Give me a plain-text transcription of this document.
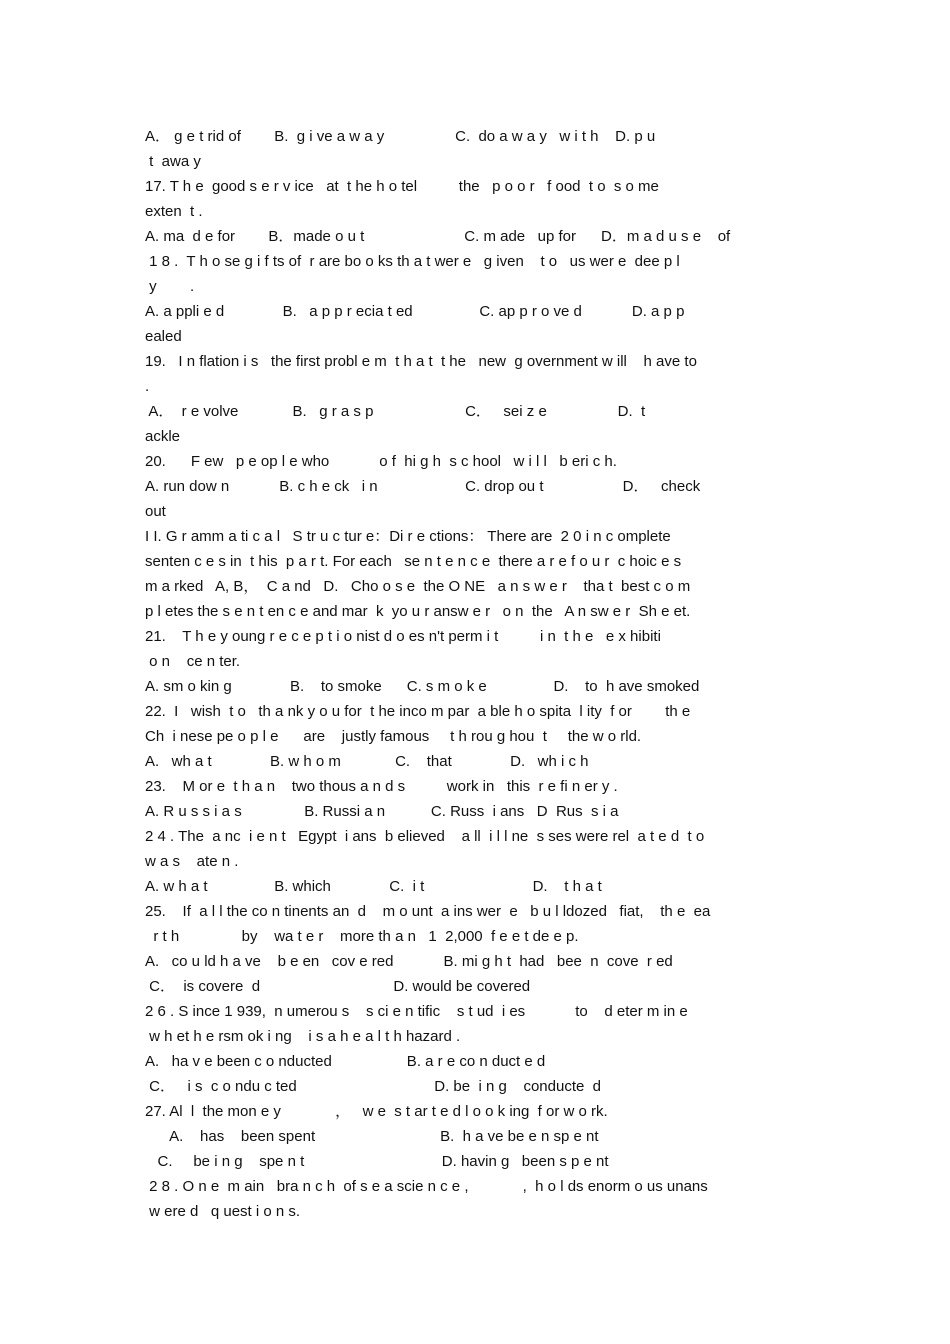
A． g e t rid of        B.  g i ve a w a y                 C.  do a w a y   w i t h    D. p u
t  awa y
17. T h e  good s e r v ice   at  t he h o tel          the   p o o r   f ood  t o  s o me
exten  t .
A. ma  d e for        B．made o u t                        C. m ade   up for      D．m a d u s e    of
1 8 .  T h o se g i f ts of  r are bo o ks th a t wer e   g iven    t o   us wer e  dee p l
y        .
A. a ppli e d              B.   a p p r ecia t ed                C. ap p r o ve d            D. a p p
ealed
19.   I n flation i s   the first probl e m  t h a t  t he   new  g overnment w ill    h ave to
.
A．  r e volve             B.   g r a s p                      C．   sei z e                 D.  t
ackle
20.      F ew   p e op l e who            o f  hi g h  s c hool   w i l l   b eri c h.
A. run dow n            B. c h e ck   i n                     C. drop ou t                   D．   check
out
I I. G r amm a ti c a l   S tr u c tur e：Di r e ctions： There are  2 0 i n c omplete
senten c e s in  t his  p a r t. For each   se n t e n c e  there a r e f o u r  c hoic e s
m a rked   A, B，  C a nd   D.   Cho o s e  the O NE   a n s w e r    tha t  best c o m
p l etes the s e n t en c e and mar  k  yo u r answ e r   o n  the   A n sw e r  Sh e et.
21.    T h e y oung r e c e p t i o nist d o es n't perm i t          i n  t h e   e x hibiti
o n    ce n ter.
A. sm o kin g              B.    to smoke      C. s m o k e                D.    to  h ave smoked
22.  I   wish  t o   th a nk y o u for  t he inco m par  a ble h o spita  l ity  f or        th e
Ch  i nese pe o p l e      are    justly famous     t h rou g hou  t     the w o rld.
A.   wh a t              B. w h o m             C.    that              D.   wh i c h
23.    M or e  t h a n    two thous a n d s          work in   this  r e fi n er y .
A. R u s s i a s               B. Russi a n           C. Russ  i ans   D  Rus  s i a
2 4 . The  a nc  i e n t   Egypt  i ans  b elieved    a ll  i l l ne  s ses were rel  a t e d  t o
w a s    ate n .
A. w h a t                B. which              C.  i t                          D.    t h a t
25.    If  a l l the co n tinents an  d    m o unt  a ins wer  e   b u l ldozed   fiat,    th e  ea
r t h               by    wa t e r    more th a n   1  2,000  f e e t de e p.
A.   co u ld h a ve    b e en   cov e red            B. mi g h t  had   bee  n  cove  r ed
C．  is covere  d                                D. would be covered
2 6 . S ince 1 939,  n umerou s    s ci e n tific    s t ud  i es            to    d eter m in e
w h et h e rsm ok i ng    i s a h e a l t h hazard .
A.   ha v e been c o nducted                  B. a r e co n duct e d
C．   i s  c o ndu c ted                                 D. be  i n g    conducte  d
27. Al  l  the mon e y             ，   w e  s t ar t e d l o o k ing  f or w o rk.
A.    has    been spent                              B.  h a ve be e n sp e nt
C.     be i n g    spe n t                                 D. havin g   been s p e nt
2 8 . O n e  m ain   bra n c h  of s e a scie n c e ,             ,  h o l ds enorm o us unans
w ere d   q uest i o n s.
